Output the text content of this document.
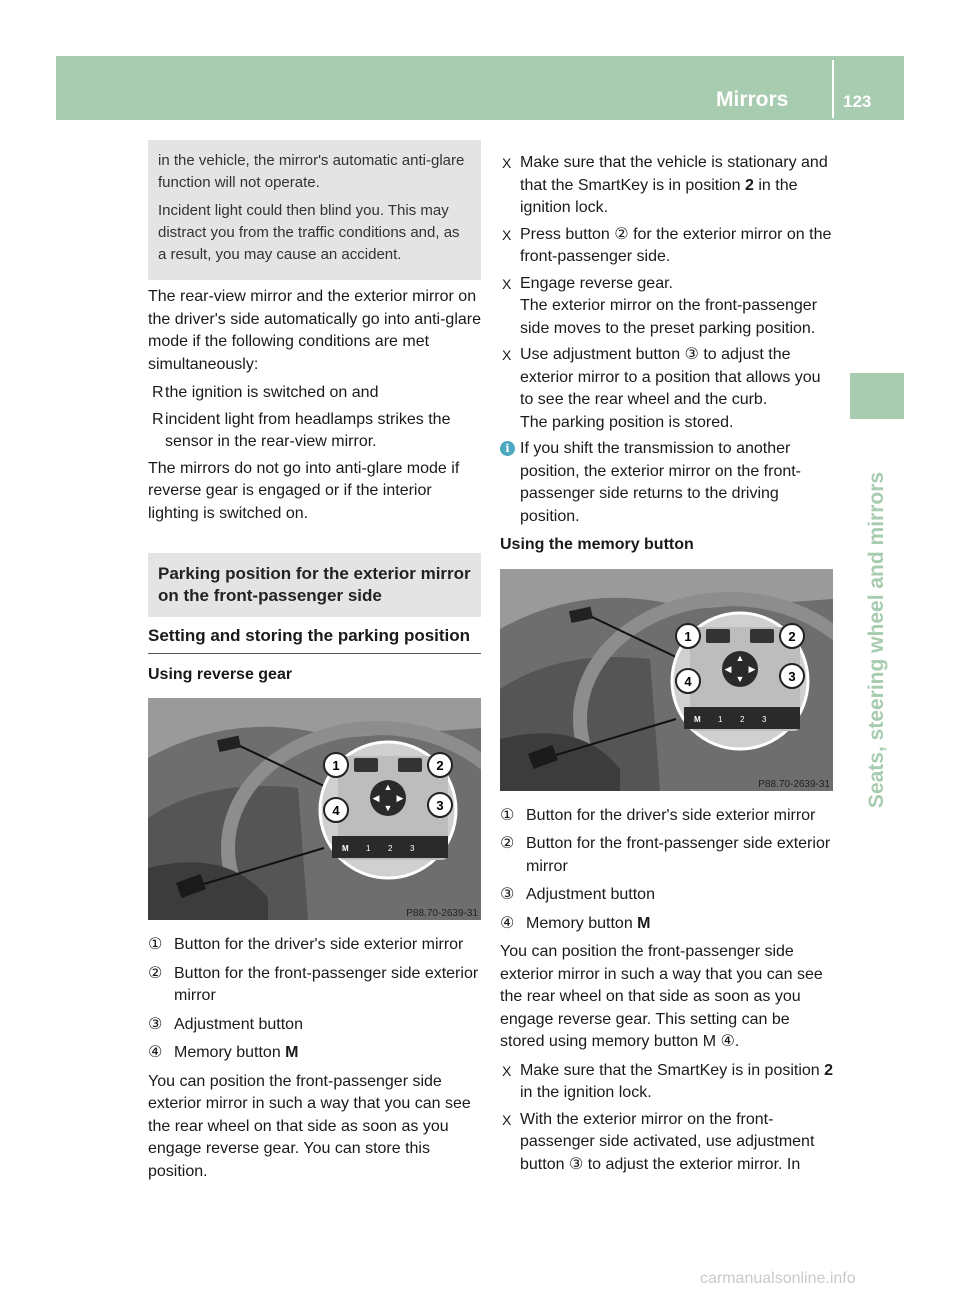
Mirrors	123
Seats, steering wheel and mirrors

in the vehicle, the mirror's automatic anti-glare function will not operate.

Incident light could then blind you. This may distract you from the traffic conditions and, as a result, you may cause an accident.

The rear-view mirror and the exterior mirror on the driver's side automatically go into anti-glare mode if the following conditions are met simultaneously:

R the ignition is switched on and
R incident light from headlamps strikes the sensor in the rear-view mirror.

The mirrors do not go into anti-glare mode if reverse gear is engaged or if the interior lighting is switched on.

Parking position for the exterior mirror on the front-passenger side
Setting and storing the parking position
Using reverse gear
▲
▼
◀ ▶
M 1 2 3
1	2
3
4
P88.70-2639-31
① Button for the driver's side exterior mirror
② Button for the front-passenger side exterior mirror
③ Adjustment button
④ Memory button M

You can position the front-passenger side exterior mirror in such a way that you can see the rear wheel on that side as soon as you engage reverse gear. You can store this position.

X Make sure that the vehicle is stationary and that the SmartKey is in position 2 in the ignition lock.
X Press button ② for the exterior mirror on the front-passenger side.
X Engage reverse gear.
The exterior mirror on the front-passenger side moves to the preset parking position.
X Use adjustment button ③ to adjust the exterior mirror to a position that allows you to see the rear wheel and the curb.
The parking position is stored.
i If you shift the transmission to another position, the exterior mirror on the front-passenger side returns to the driving position.
Using the memory button
▲
▼
◀ ▶
M 1 2 3
1	2
3
4
P88.70-2639-31
① Button for the driver's side exterior mirror
② Button for the front-passenger side exterior mirror
③ Adjustment button
④ Memory button M

You can position the front-passenger side exterior mirror in such a way that you can see the rear wheel on that side as soon as you engage reverse gear. This setting can be stored using memory button M ④.

X Make sure that the SmartKey is in position 2 in the ignition lock.
X With the exterior mirror on the front-passenger side activated, use adjustment button ③ to adjust the exterior mirror. In
carmanualsonline.info
